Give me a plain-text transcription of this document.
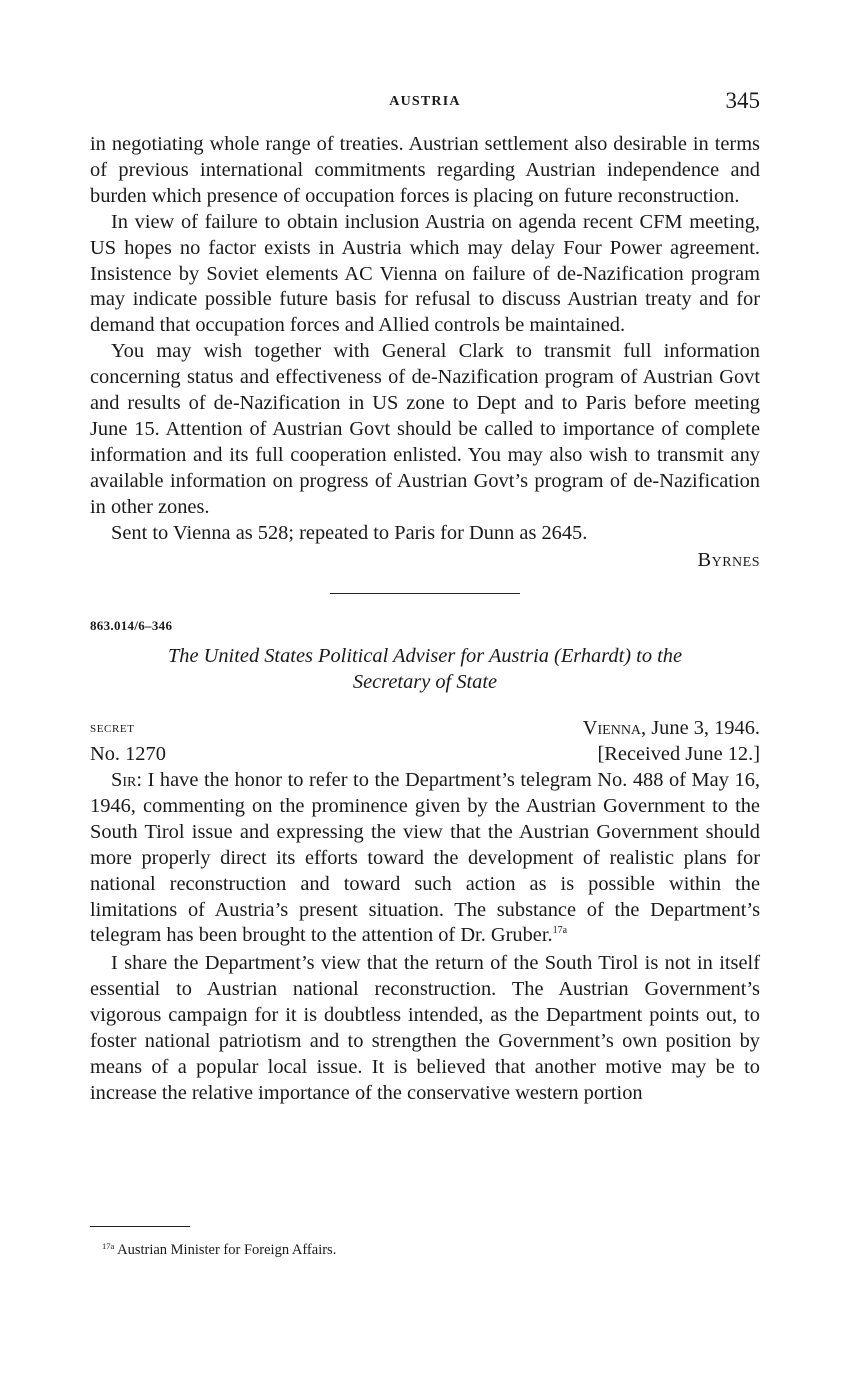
AUSTRIA	345

in negotiating whole range of treaties. Austrian settlement also desirable in terms of previous international commitments regarding Austrian independence and burden which presence of occupation forces is placing on future reconstruction.

In view of failure to obtain inclusion Austria on agenda recent CFM meeting, US hopes no factor exists in Austria which may delay Four Power agreement. Insistence by Soviet elements AC Vienna on failure of de-Nazification program may indicate possible future basis for refusal to discuss Austrian treaty and for demand that occupation forces and Allied controls be maintained.

You may wish together with General Clark to transmit full information concerning status and effectiveness of de-Nazification program of Austrian Govt and results of de-Nazification in US zone to Dept and to Paris before meeting June 15. Attention of Austrian Govt should be called to importance of complete information and its full cooperation enlisted. You may also wish to transmit any available information on progress of Austrian Govt’s program of de-Nazification in other zones.

Sent to Vienna as 528; repeated to Paris for Dunn as 2645.

Byrnes
863.014/6–346
The United States Political Adviser for Austria (Erhardt) to the
Secretary of State
secret	Vienna, June 3, 1946.
No. 1270	[Received June 12.]

Sir: I have the honor to refer to the Department’s telegram No. 488 of May 16, 1946, commenting on the prominence given by the Austrian Government to the South Tirol issue and expressing the view that the Austrian Government should more properly direct its efforts toward the development of realistic plans for national reconstruction and toward such action as is possible within the limitations of Austria’s present situation. The substance of the Department’s telegram has been brought to the attention of Dr. Gruber.$^{17a}$

I share the Department’s view that the return of the South Tirol is not in itself essential to Austrian national reconstruction. The Austrian Government’s vigorous campaign for it is doubtless intended, as the Department points out, to foster national patriotism and to strengthen the Government’s own position by means of a popular local issue. It is believed that another motive may be to increase the relative importance of the conservative western portion

$^{17a}$ Austrian Minister for Foreign Affairs.
